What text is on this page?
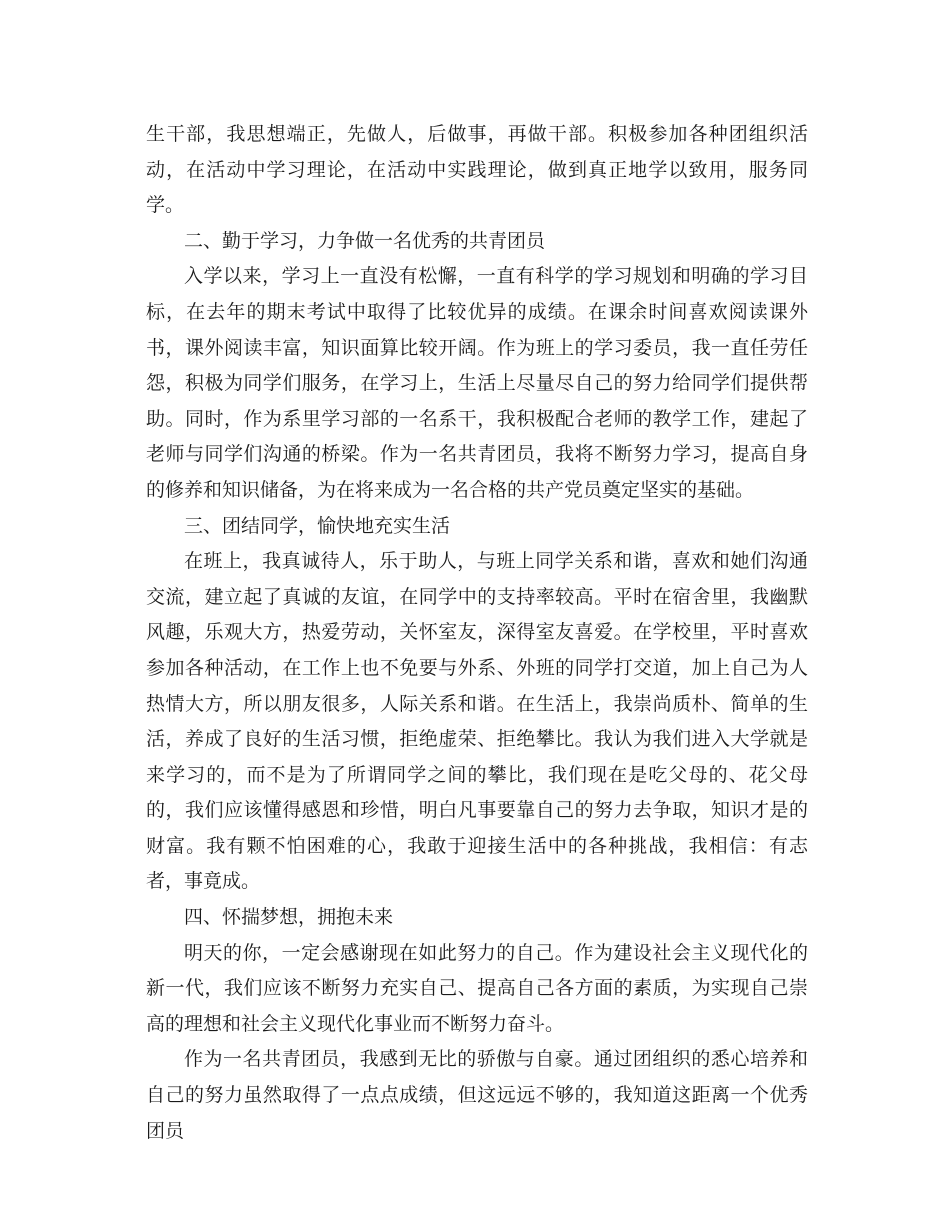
生干部，我思想端正，先做人，后做事，再做干部。积极参加各种团组织活动，在活动中学习理论，在活动中实践理论，做到真正地学以致用，服务同学。

二、勤于学习，力争做一名优秀的共青团员

入学以来，学习上一直没有松懈，一直有科学的学习规划和明确的学习目标，在去年的期末考试中取得了比较优异的成绩。在课余时间喜欢阅读课外书，课外阅读丰富，知识面算比较开阔。作为班上的学习委员，我一直任劳任怨，积极为同学们服务，在学习上，生活上尽量尽自己的努力给同学们提供帮助。同时，作为系里学习部的一名系干，我积极配合老师的教学工作，建起了老师与同学们沟通的桥梁。作为一名共青团员，我将不断努力学习，提高自身的修养和知识储备，为在将来成为一名合格的共产党员奠定坚实的基础。

三、团结同学，愉快地充实生活

在班上，我真诚待人，乐于助人，与班上同学关系和谐，喜欢和她们沟通交流，建立起了真诚的友谊，在同学中的支持率较高。平时在宿舍里，我幽默风趣，乐观大方，热爱劳动，关怀室友，深得室友喜爱。在学校里，平时喜欢参加各种活动，在工作上也不免要与外系、外班的同学打交道，加上自己为人热情大方，所以朋友很多，人际关系和谐。在生活上，我崇尚质朴、简单的生活，养成了良好的生活习惯，拒绝虚荣、拒绝攀比。我认为我们进入大学就是来学习的，而不是为了所谓同学之间的攀比，我们现在是吃父母的、花父母的，我们应该懂得感恩和珍惜，明白凡事要靠自己的努力去争取，知识才是的财富。我有颗不怕困难的心，我敢于迎接生活中的各种挑战，我相信：有志者，事竟成。

四、怀揣梦想，拥抱未来

明天的你，一定会感谢现在如此努力的自己。作为建设社会主义现代化的新一代，我们应该不断努力充实自己、提高自己各方面的素质，为实现自己崇高的理想和社会主义现代化事业而不断努力奋斗。

作为一名共青团员，我感到无比的骄傲与自豪。通过团组织的悉心培养和自己的努力虽然取得了一点点成绩，但这远远不够的，我知道这距离一个优秀团员
